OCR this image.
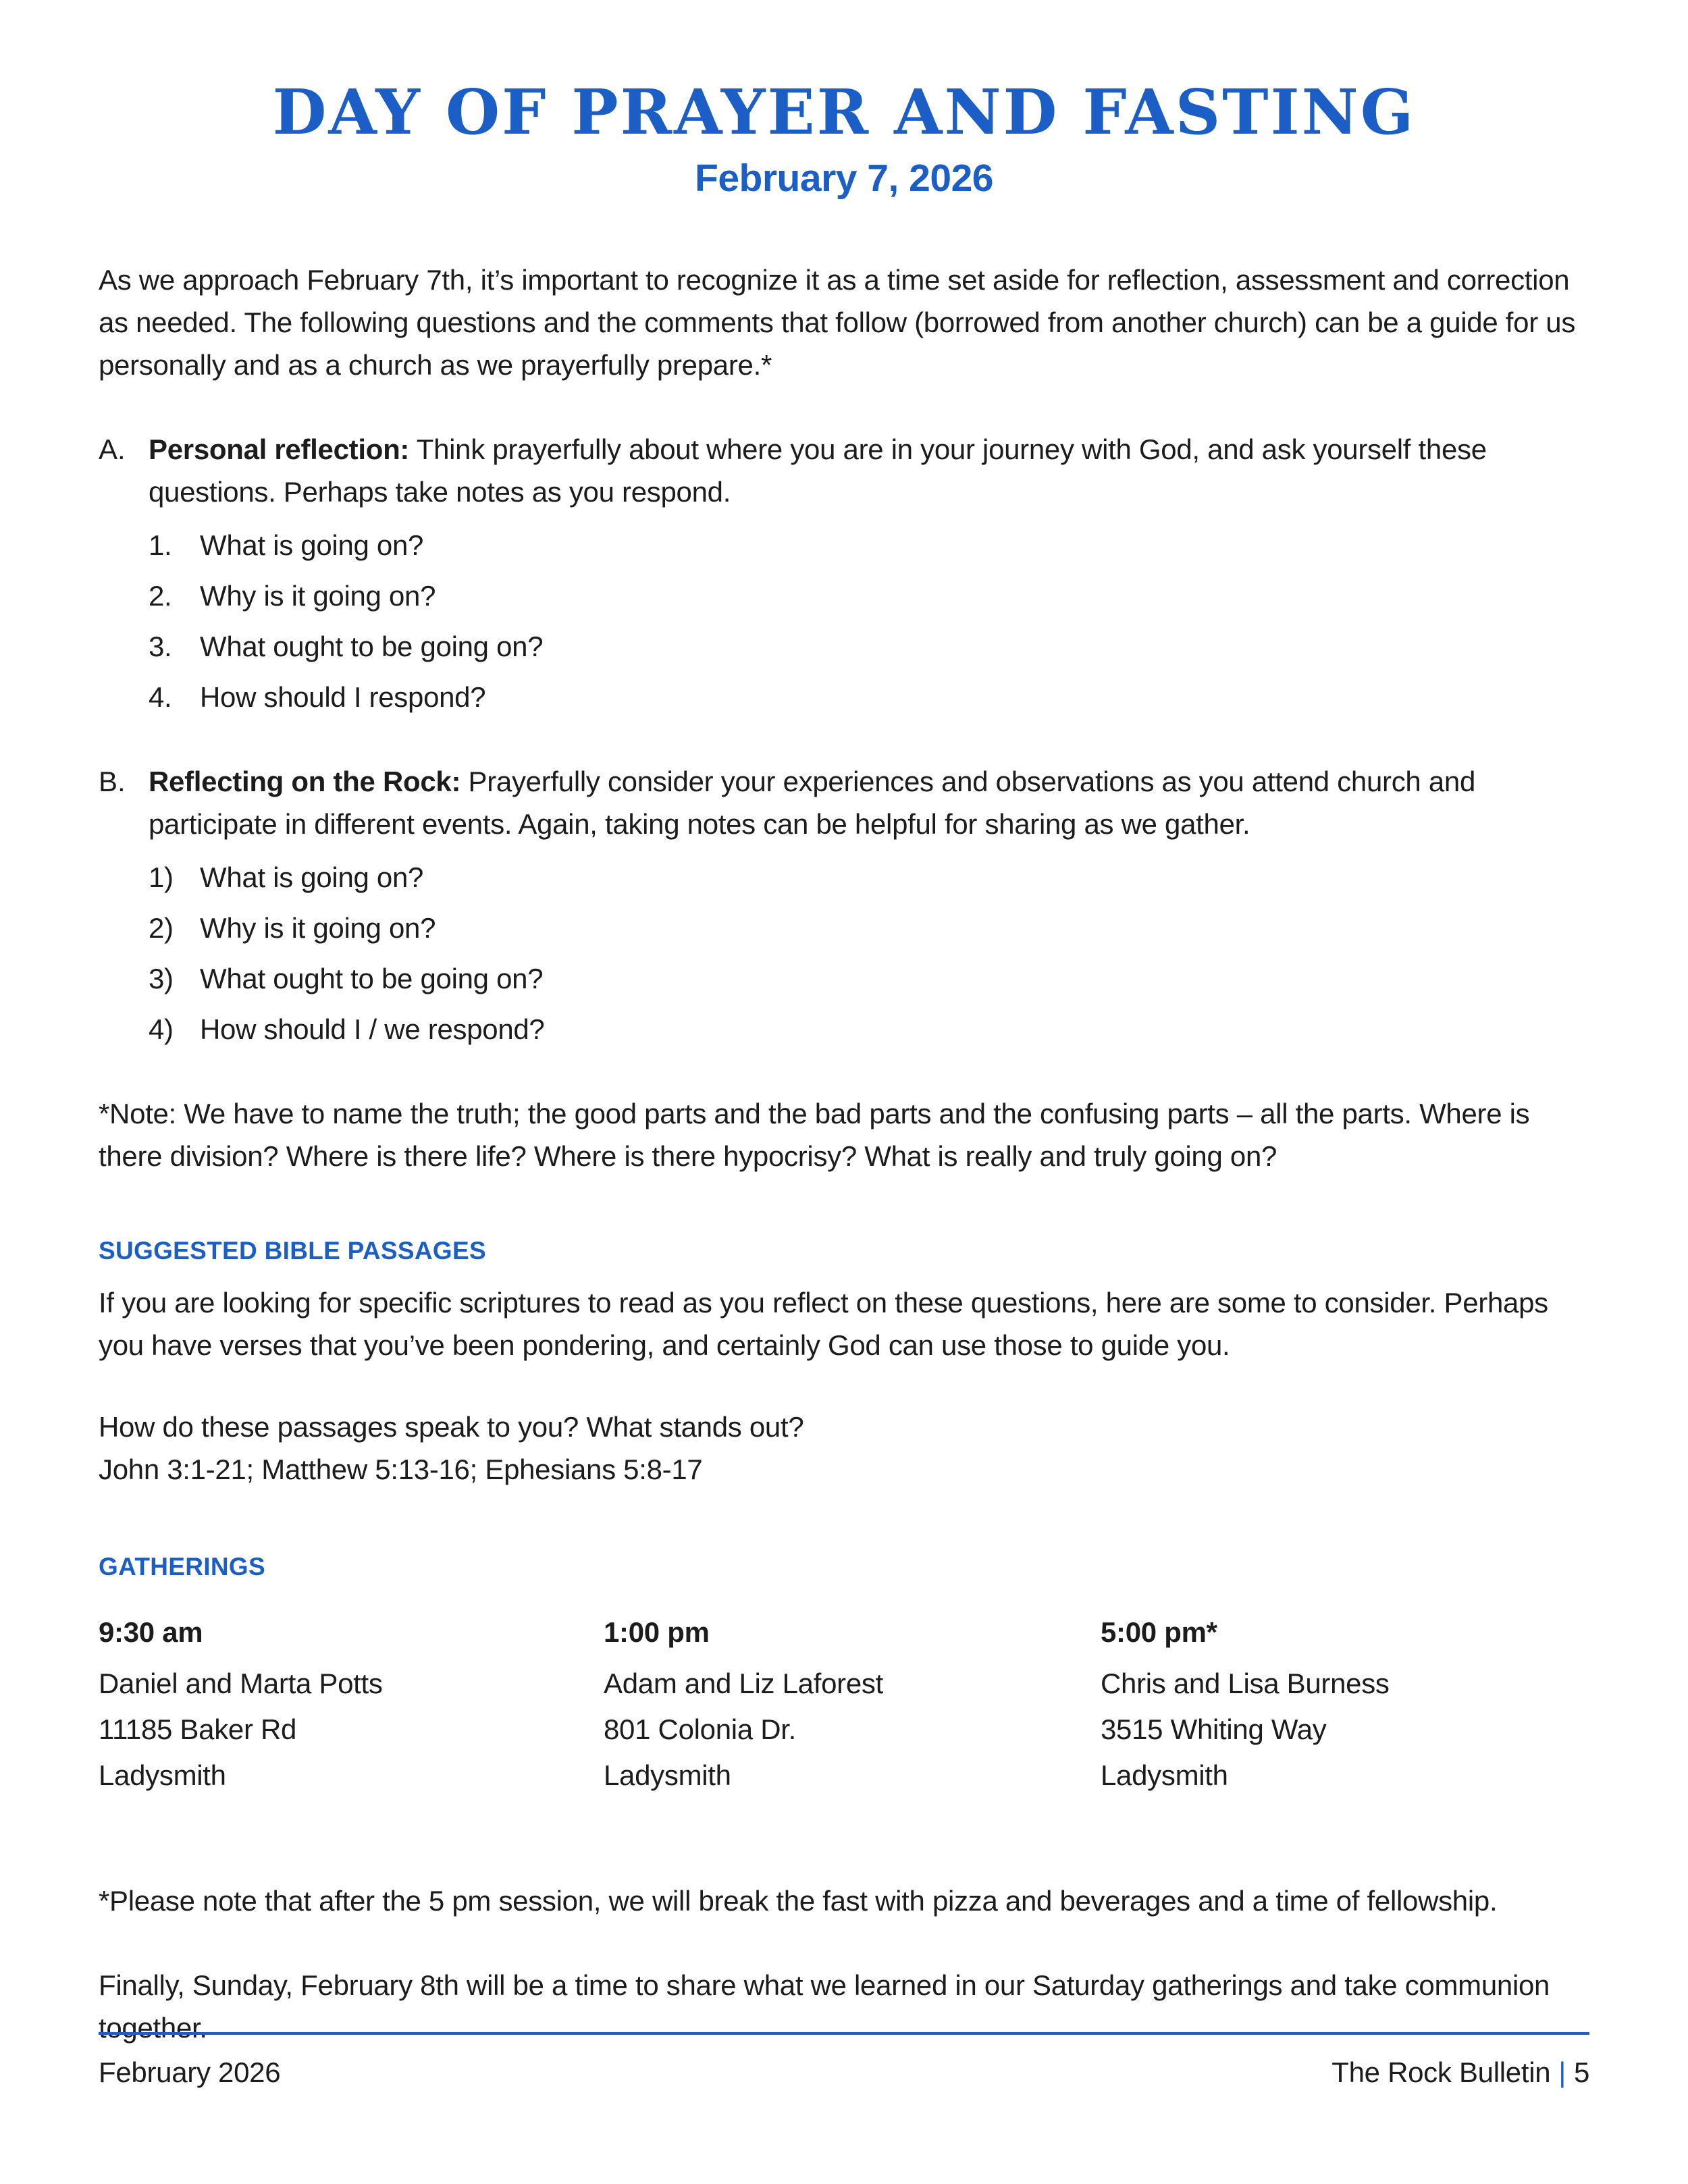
DAY OF PRAYER AND FASTING
February 7, 2026

As we approach February 7th, it’s important to recognize it as a time set aside for reflection, assessment and correction as needed. The following questions and the comments that follow (borrowed from another church) can be a guide for us personally and as a church as we prayerfully prepare.*

A. Personal reflection: Think prayerfully about where you are in your journey with God, and ask yourself these questions. Perhaps take notes as you respond.

1. What is going on?
2. Why is it going on?
3. What ought to be going on?
4. How should I respond?
B. Reflecting on the Rock: Prayerfully consider your experiences and observations as you attend church and participate in different events. Again, taking notes can be helpful for sharing as we gather.

1) What is going on?
2) Why is it going on?
3) What ought to be going on?
4) How should I / we respond?

*Note: We have to name the truth; the good parts and the bad parts and the confusing parts – all the parts. Where is there division? Where is there life? Where is there hypocrisy? What is really and truly going on?

SUGGESTED BIBLE PASSAGES

If you are looking for specific scriptures to read as you reflect on these questions, here are some to consider. Perhaps you have verses that you’ve been pondering, and certainly God can use those to guide you.

How do these passages speak to you? What stands out?

John 3:1-21; Matthew 5:13-16; Ephesians 5:8-17

GATHERINGS
9:30 am
Daniel and Marta Potts
11185 Baker Rd
Ladysmith
1:00 pm
Adam and Liz Laforest
801 Colonia Dr.
Ladysmith
5:00 pm*
Chris and Lisa Burness
3515 Whiting Way
Ladysmith

*Please note that after the 5 pm session, we will break the fast with pizza and beverages and a time of fellowship.

Finally, Sunday, February 8th will be a time to share what we learned in our Saturday gatherings and take communion together.

February 2026	The Rock Bulletin | 5
